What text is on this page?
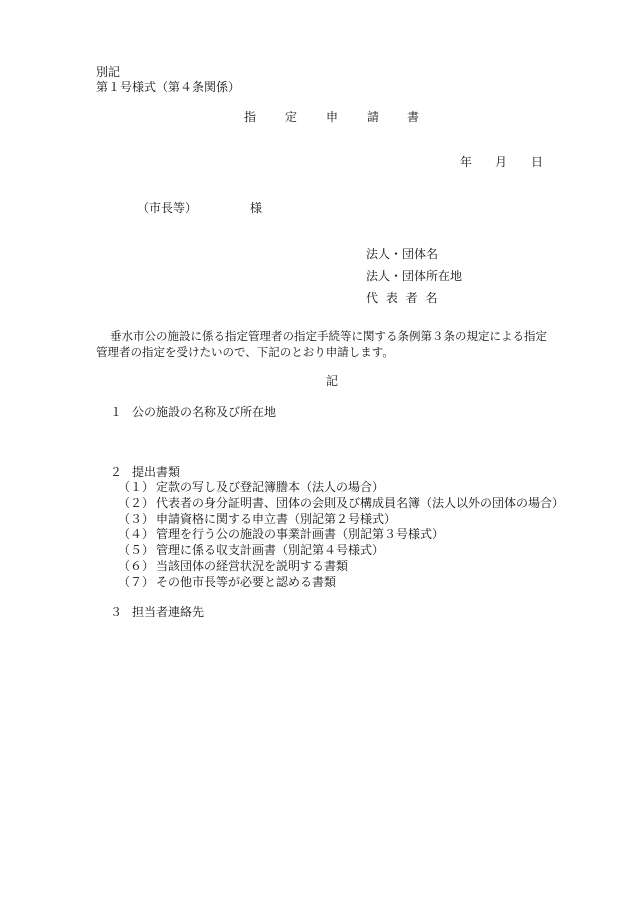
別記
第１号様式（第４条関係）
指 定 申 請 書
年 月 日
（市長等）	様
法人・団体名
法人・団体所在地
代 表 者 名
垂水市公の施設に係る指定管理者の指定手続等に関する条例第３条の規定による指定
管理者の指定を受けたいので、下記のとおり申請します。
記
１ 公の施設の名称及び所在地
２ 提出書類
（１） 定款の写し及び登記簿謄本（法人の場合）
（２） 代表者の身分証明書、団体の会則及び構成員名簿（法人以外の団体の場合）
（３） 申請資格に関する申立書（別記第２号様式）
（４） 管理を行う公の施設の事業計画書（別記第３号様式）
（５） 管理に係る収支計画書（別記第４号様式）
（６） 当該団体の経営状況を説明する書類
（７） その他市長等が必要と認める書類
３ 担当者連絡先
